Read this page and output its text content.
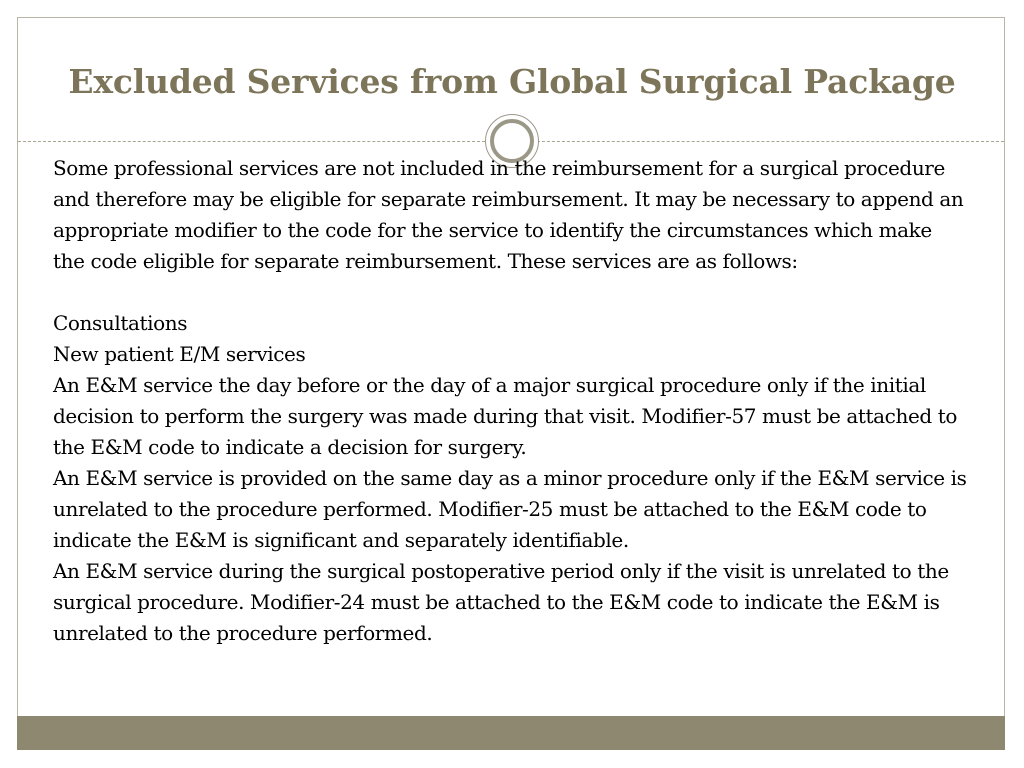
Excluded Services from Global Surgical Package

Some professional services are not included in the reimbursement for a surgical procedure and therefore may be eligible for separate reimbursement. It may be necessary to append an appropriate modifier to the code for the service to identify the circumstances which make the code eligible for separate reimbursement. These services are as follows:

Consultations

New patient E/M services

An E&M service the day before or the day of a major surgical procedure only if the initial decision to perform the surgery was made during that visit. Modifier-57 must be attached to the E&M code to indicate a decision for surgery.

An E&M service is provided on the same day as a minor procedure only if the E&M service is unrelated to the procedure performed. Modifier-25 must be attached to the E&M code to indicate the E&M is significant and separately identifiable.

An E&M service during the surgical postoperative period only if the visit is unrelated to the surgical procedure. Modifier-24 must be attached to the E&M code to indicate the E&M is unrelated to the procedure performed.
